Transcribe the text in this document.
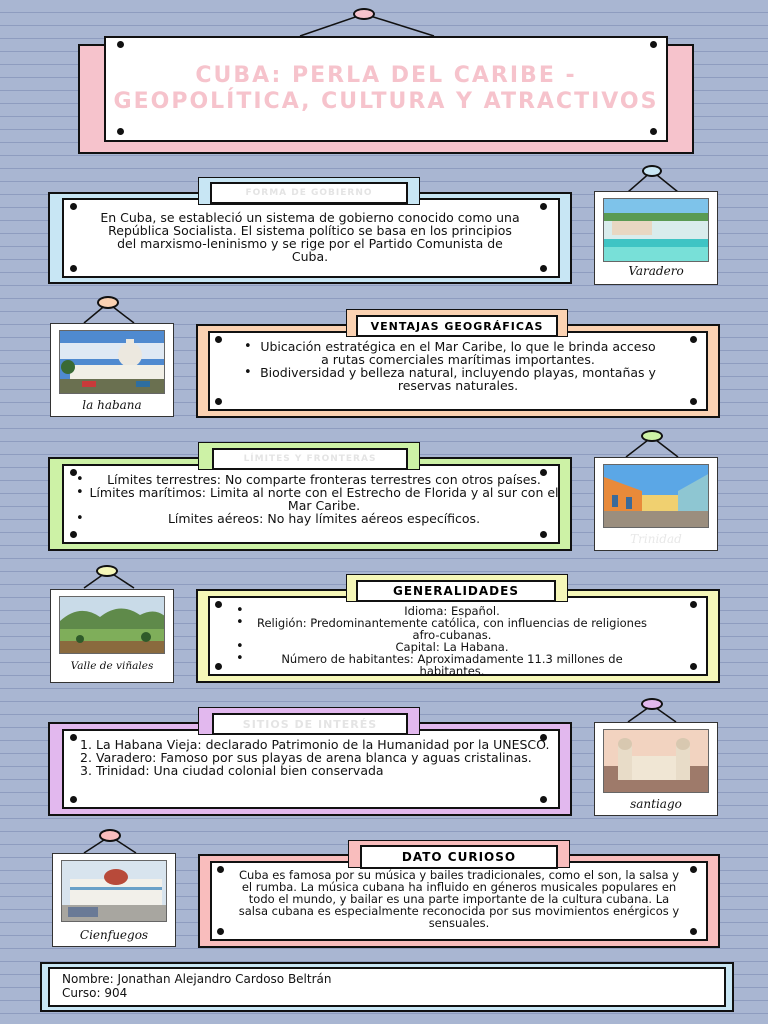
CUBA: PERLA DEL CARIBE - GEOPOLÍTICA, CULTURA Y ATRACTIVOS
FORMA DE GOBIERNO
En Cuba, se estableció un sistema de gobierno conocido como una República Socialista. El sistema político se basa en los principios del marxismo-leninismo y se rige por el Partido Comunista de Cuba.
Varadero
VENTAJAS GEOGRÁFICAS
• Ubicación estratégica en el Mar Caribe, lo que le brinda acceso a rutas comerciales marítimas importantes.
• Biodiversidad y belleza natural, incluyendo playas, montañas y reservas naturales.
la habana
LÍMITES Y FRONTERAS
• Límites terrestres: No comparte fronteras terrestres con otros países.
• Límites marítimos: Limita al norte con el Estrecho de Florida y al sur con el Mar Caribe.
• Límites aéreos: No hay límites aéreos específicos.
Trinidad
GENERALIDADES
• Idioma: Español.
• Religión: Predominantemente católica, con influencias de religiones afro-cubanas.
• Capital: La Habana.
• Número de habitantes: Aproximadamente 11.3 millones de habitantes.
Valle de viñales
SITIOS DE INTERÉS
1. La Habana Vieja: declarado Patrimonio de la Humanidad por la UNESCO.
2. Varadero: Famoso por sus playas de arena blanca y aguas cristalinas.
3. Trinidad: Una ciudad colonial bien conservada
santiago
DATO CURIOSO
Cuba es famosa por su música y bailes tradicionales, como el son, la salsa y el rumba. La música cubana ha influido en géneros musicales populares en todo el mundo, y bailar es una parte importante de la cultura cubana. La salsa cubana es especialmente reconocida por sus movimientos enérgicos y sensuales.
Cienfuegos
Nombre: Jonathan Alejandro Cardoso Beltrán
Curso: 904
